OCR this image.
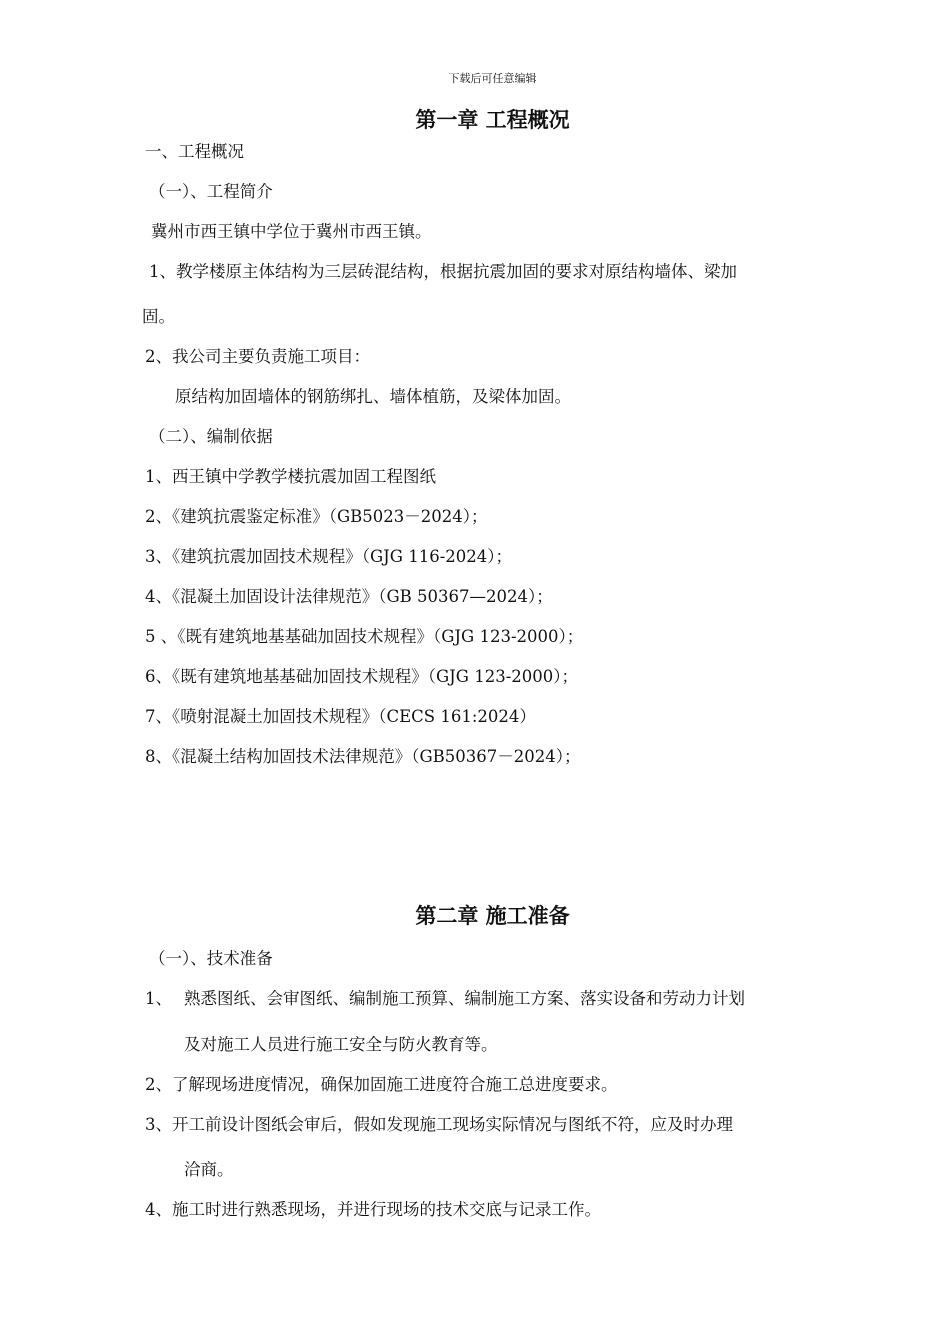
下载后可任意编辑
第一章 工程概况
一、工程概况
（一）、工程简介
冀州市西王镇中学位于冀州市西王镇。
1、教学楼原主体结构为三层砖混结构，根据抗震加固的要求对原结构墙体、梁加
固。
2、我公司主要负责施工项目：
原结构加固墙体的钢筋绑扎、墙体植筋，及梁体加固。
（二）、编制依据
1、西王镇中学教学楼抗震加固工程图纸
2、《建筑抗震鉴定标准》（GB5023－2024）；
3、《建筑抗震加固技术规程》（GJG 116-2024）；
4、《混凝土加固设计法律规范》（GB 50367—2024）；
5 、《既有建筑地基基础加固技术规程》（GJG 123-2000）；
6、《既有建筑地基基础加固技术规程》（GJG 123-2000）；
7、《喷射混凝土加固技术规程》（CECS 161:2024）
8、《混凝土结构加固技术法律规范》（GB50367－2024）；
第二章 施工准备
（一）、技术准备
1、 熟悉图纸、会审图纸、编制施工预算、编制施工方案、落实设备和劳动力计划
及对施工人员进行施工安全与防火教育等。
2、了解现场进度情况，确保加固施工进度符合施工总进度要求。
3、开工前设计图纸会审后，假如发现施工现场实际情况与图纸不符，应及时办理
洽商。
4、施工时进行熟悉现场，并进行现场的技术交底与记录工作。
